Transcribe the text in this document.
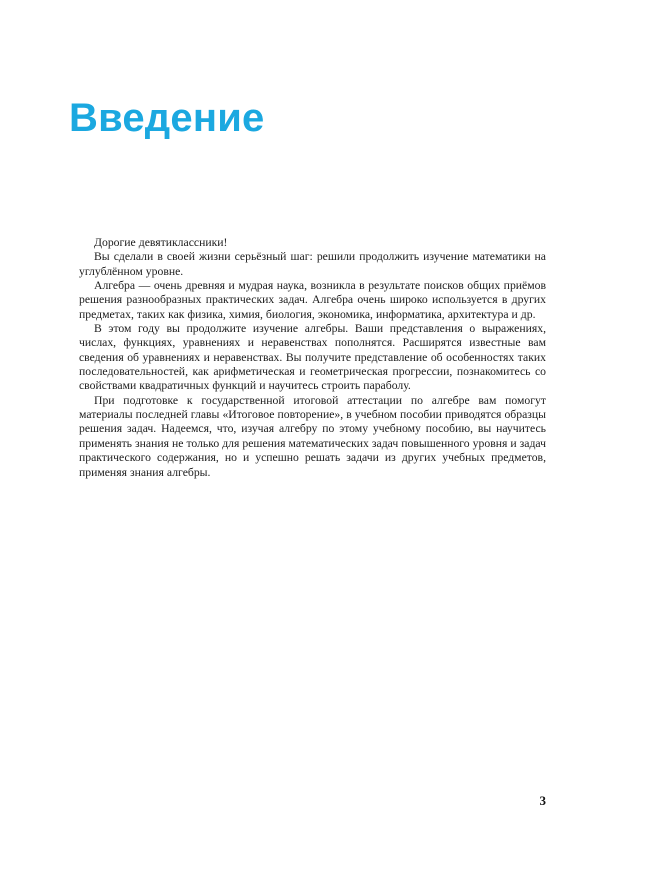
Введение

Дорогие девятиклассники!

Вы сделали в своей жизни серьёзный шаг: решили продолжить изучение математики на углублённом уровне.

Алгебра — очень древняя и мудрая наука, возникла в результате поисков общих приёмов решения разнообразных практических задач. Алгебра очень широко используется в других предметах, таких как физика, химия, биология, экономика, информатика, архитектура и др.

В этом году вы продолжите изучение алгебры. Ваши представления о выражениях, числах, функциях, уравнениях и неравенствах пополнятся. Расширятся известные вам сведения об уравнениях и неравенствах. Вы получите представление об особенностях таких последовательностей, как арифметическая и геометрическая прогрессии, познакомитесь со свойствами квадратичных функций и научитесь строить параболу.

При подготовке к государственной итоговой аттестации по алгебре вам помогут материалы последней главы «Итоговое повторение», в учебном пособии приводятся образцы решения задач. Надеемся, что, изучая алгебру по этому учебному пособию, вы научитесь применять знания не только для решения математических задач повышенного уровня и задач практического содержания, но и успешно решать задачи из других учебных предметов, применяя знания алгебры.

3
